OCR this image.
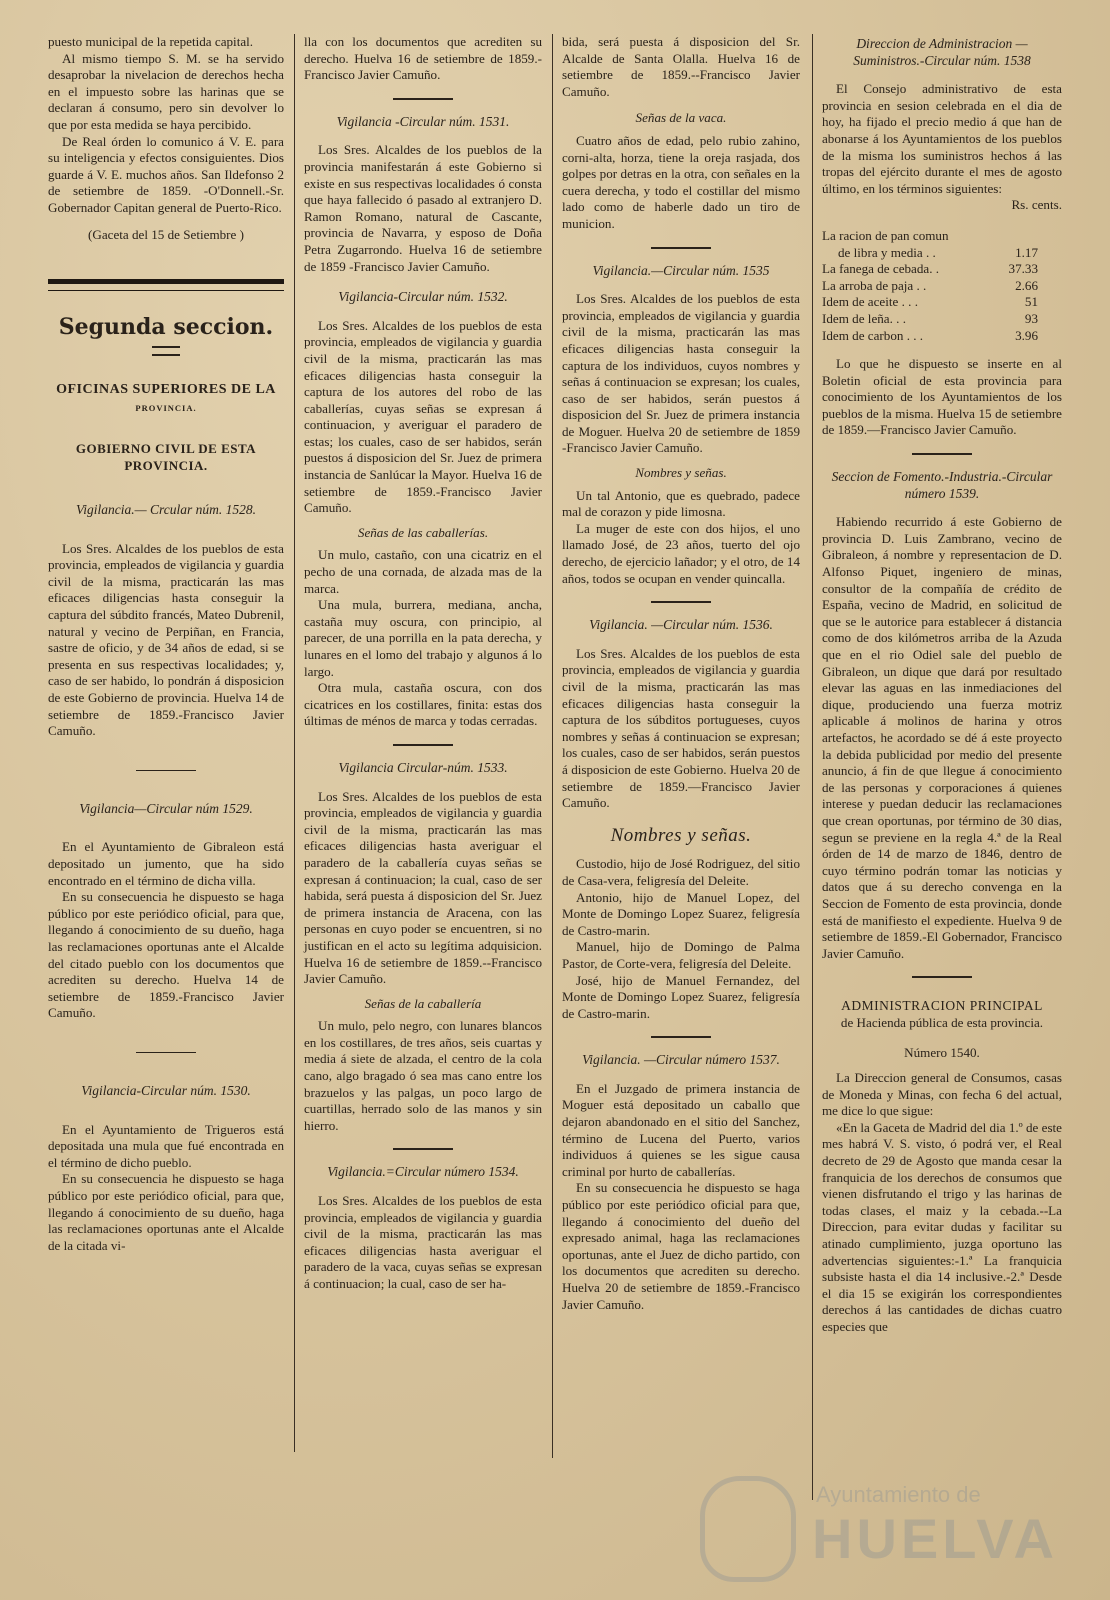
puesto municipal de la repetida capital.

Al mismo tiempo S. M. se ha servido desaprobar la nivelacion de derechos hecha en el impuesto sobre las harinas que se declaran á consumo, pero sin devolver lo que por esta medida se haya percibido.

De Real órden lo comunico á V. E. para su inteligencia y efectos consiguientes. Dios guarde á V. E. muchos años. San Ildefonso 2 de setiembre de 1859. -O'Donnell.-Sr. Gobernador Capitan general de Puerto-Rico.

(Gaceta del 15 de Setiembre )

Segunda seccion.
OFICINAS SUPERIORES DE LA
PROVINCIA.
GOBIERNO CIVIL DE ESTA PROVINCIA.
Vigilancia.— Crcular núm. 1528.

Los Sres. Alcaldes de los pueblos de esta provincia, empleados de vigilancia y guardia civil de la misma, practicarán las mas eficaces diligencias hasta conseguir la captura del súbdito francés, Mateo Dubrenil, natural y vecino de Perpiñan, en Francia, sastre de oficio, y de 34 años de edad, si se presenta en sus respectivas localidades; y, caso de ser habido, lo pondrán á disposicion de este Gobierno de provincia. Huelva 14 de setiembre de 1859.-Francisco Javier Camuño.

Vigilancia—Circular núm 1529.

En el Ayuntamiento de Gibraleon está depositado un jumento, que ha sido encontrado en el término de dicha villa.

En su consecuencia he dispuesto se haga público por este periódico oficial, para que, llegando á conocimiento de su dueño, haga las reclamaciones oportunas ante el Alcalde del citado pueblo con los documentos que acrediten su derecho. Huelva 14 de setiembre de 1859.-Francisco Javier Camuño.

Vigilancia-Circular núm. 1530.

En el Ayuntamiento de Trigueros está depositada una mula que fué encontrada en el término de dicho pueblo.

En su consecuencia he dispuesto se haga público por este periódico oficial, para que, llegando á conocimiento de su dueño, haga las reclamaciones oportunas ante el Alcalde de la citada vi-

lla con los documentos que acrediten su derecho. Huelva 16 de setiembre de 1859.-Francisco Javier Camuño.

Vigilancia -Circular núm. 1531.

Los Sres. Alcaldes de los pueblos de la provincia manifestarán á este Gobierno si existe en sus respectivas localidades ó consta que haya fallecido ó pasado al extranjero D. Ramon Romano, natural de Cascante, provincia de Navarra, y esposo de Doña Petra Zugarrondo. Huelva 16 de setiembre de 1859 -Francisco Javier Camuño.

Vigilancia-Circular núm. 1532.

Los Sres. Alcaldes de los pueblos de esta provincia, empleados de vigilancia y guardia civil de la misma, practicarán las mas eficaces diligencias hasta conseguir la captura de los autores del robo de las caballerías, cuyas señas se expresan á continuacion, y averiguar el paradero de estas; los cuales, caso de ser habidos, serán puestos á disposicion del Sr. Juez de primera instancia de Sanlúcar la Mayor. Huelva 16 de setiembre de 1859.-Francisco Javier Camuño.

Señas de las caballerías.

Un mulo, castaño, con una cicatriz en el pecho de una cornada, de alzada mas de la marca.

Una mula, burrera, mediana, ancha, castaña muy oscura, con principio, al parecer, de una porrilla en la pata derecha, y lunares en el lomo del trabajo y algunos á lo largo.

Otra mula, castaña oscura, con dos cicatrices en los costillares, finita: estas dos últimas de ménos de marca y todas cerradas.

Vigilancia Circular-núm. 1533.

Los Sres. Alcaldes de los pueblos de esta provincia, empleados de vigilancia y guardia civil de la misma, practicarán las mas eficaces diligencias hasta averiguar el paradero de la caballería cuyas señas se expresan á continuacion; la cual, caso de ser habida, será puesta á disposicion del Sr. Juez de primera instancia de Aracena, con las personas en cuyo poder se encuentren, si no justifican en el acto su legítima adquisicion. Huelva 16 de setiembre de 1859.--Francisco Javier Camuño.

Señas de la caballería

Un mulo, pelo negro, con lunares blancos en los costillares, de tres años, seis cuartas y media á siete de alzada, el centro de la cola cano, algo bragado ó sea mas cano entre los brazuelos y las palgas, un poco largo de cuartillas, herrado solo de las manos y sin hierro.

Vigilancia.=Circular número 1534.

Los Sres. Alcaldes de los pueblos de esta provincia, empleados de vigilancia y guardia civil de la misma, practicarán las mas eficaces diligencias hasta averiguar el paradero de la vaca, cuyas señas se expresan á continuacion; la cual, caso de ser ha-

bida, será puesta á disposicion del Sr. Alcalde de Santa Olalla. Huelva 16 de setiembre de 1859.--Francisco Javier Camuño.

Señas de la vaca.

Cuatro años de edad, pelo rubio zahino, corni-alta, horza, tiene la oreja rasjada, dos golpes por detras en la otra, con señales en la cuera derecha, y todo el costillar del mismo lado como de haberle dado un tiro de municion.

Vigilancia.—Circular núm. 1535

Los Sres. Alcaldes de los pueblos de esta provincia, empleados de vigilancia y guardia civil de la misma, practicarán las mas eficaces diligencias hasta conseguir la captura de los individuos, cuyos nombres y señas á continuacion se expresan; los cuales, caso de ser habidos, serán puestos á disposicion del Sr. Juez de primera instancia de Moguer. Huelva 20 de setiembre de 1859 -Francisco Javier Camuño.

Nombres y señas.

Un tal Antonio, que es quebrado, padece mal de corazon y pide limosna.

La muger de este con dos hijos, el uno llamado José, de 23 años, tuerto del ojo derecho, de ejercicio lañador; y el otro, de 14 años, todos se ocupan en vender quincalla.

Vigilancia. —Circular núm. 1536.

Los Sres. Alcaldes de los pueblos de esta provincia, empleados de vigilancia y guardia civil de la misma, practicarán las mas eficaces diligencias hasta conseguir la captura de los súbditos portugueses, cuyos nombres y señas á continuacion se expresan; los cuales, caso de ser habidos, serán puestos á disposicion de este Gobierno. Huelva 20 de setiembre de 1859.—Francisco Javier Camuño.

Nombres y señas.

Custodio, hijo de José Rodriguez, del sitio de Casa-vera, feligresía del Deleite.

Antonio, hijo de Manuel Lopez, del Monte de Domingo Lopez Suarez, feligresía de Castro-marin.

Manuel, hijo de Domingo de Palma Pastor, de Corte-vera, feligresía del Deleite.

José, hijo de Manuel Fernandez, del Monte de Domingo Lopez Suarez, feligresía de Castro-marin.

Vigilancia. —Circular número 1537.

En el Juzgado de primera instancia de Moguer está depositado un caballo que dejaron abandonado en el sitio del Sanchez, término de Lucena del Puerto, varios individuos á quienes se les sigue causa criminal por hurto de caballerías.

En su consecuencia he dispuesto se haga público por este periódico oficial para que, llegando á conocimiento del dueño del expresado animal, haga las reclamaciones oportunas, ante el Juez de dicho partido, con los documentos que acrediten su derecho. Huelva 20 de setiembre de 1859.-Francisco Javier Camuño.

Direccion de Administracion —Suministros.-Circular núm. 1538

El Consejo administrativo de esta provincia en sesion celebrada en el dia de hoy, ha fijado el precio medio á que han de abonarse á los Ayuntamientos de los pueblos de la misma los suministros hechos á las tropas del ejército durante el mes de agosto último, en los términos siguientes:

Rs. cents.
La racion de pan comun	
de libra y media . .	1.17
La fanega de cebada. .	37.33
La arroba de paja . .	2.66
Idem de aceite . . .	51
Idem de leña. . .	93
Idem de carbon . . .	3.96

Lo que he dispuesto se inserte en al Boletin oficial de esta provincia para conocimiento de los Ayuntamientos de los pueblos de la misma. Huelva 15 de setiembre de 1859.—Francisco Javier Camuño.

Seccion de Fomento.-Industria.-Circular número 1539.

Habiendo recurrido á este Gobierno de provincia D. Luis Zambrano, vecino de Gibraleon, á nombre y representacion de D. Alfonso Piquet, ingeniero de minas, consultor de la compañía de crédito de España, vecino de Madrid, en solicitud de que se le autorice para establecer á distancia como de dos kilómetros arriba de la Azuda que en el rio Odiel sale del pueblo de Gibraleon, un dique que dará por resultado elevar las aguas en las inmediaciones del dique, produciendo una fuerza motriz aplicable á molinos de harina y otros artefactos, he acordado se dé á este proyecto la debida publicidad por medio del presente anuncio, á fin de que llegue á conocimiento de las personas y corporaciones á quienes interese y puedan deducir las reclamaciones que crean oportunas, por término de 30 dias, segun se previene en la regla 4.ª de la Real órden de 14 de marzo de 1846, dentro de cuyo término podrán tomar las noticias y datos que á su derecho convenga en la Seccion de Fomento de esta provincia, donde está de manifiesto el expediente. Huelva 9 de setiembre de 1859.-El Gobernador, Francisco Javier Camuño.

ADMINISTRACION PRINCIPAL
de Hacienda pública de esta provincia.
Número 1540.

La Direccion general de Consumos, casas de Moneda y Minas, con fecha 6 del actual, me dice lo que sigue:

«En la Gaceta de Madrid del dia 1.º de este mes habrá V. S. visto, ó podrá ver, el Real decreto de 29 de Agosto que manda cesar la franquicia de los derechos de consumos que vienen disfrutando el trigo y las harinas de todas clases, el maiz y la cebada.--La Direccion, para evitar dudas y facilitar su atinado cumplimiento, juzga oportuno las advertencias siguientes:-1.ª La franquicia subsiste hasta el dia 14 inclusive.-2.ª Desde el dia 15 se exigirán los correspondientes derechos á las cantidades de dichas cuatro especies que

Ayuntamiento de
HUELVA
